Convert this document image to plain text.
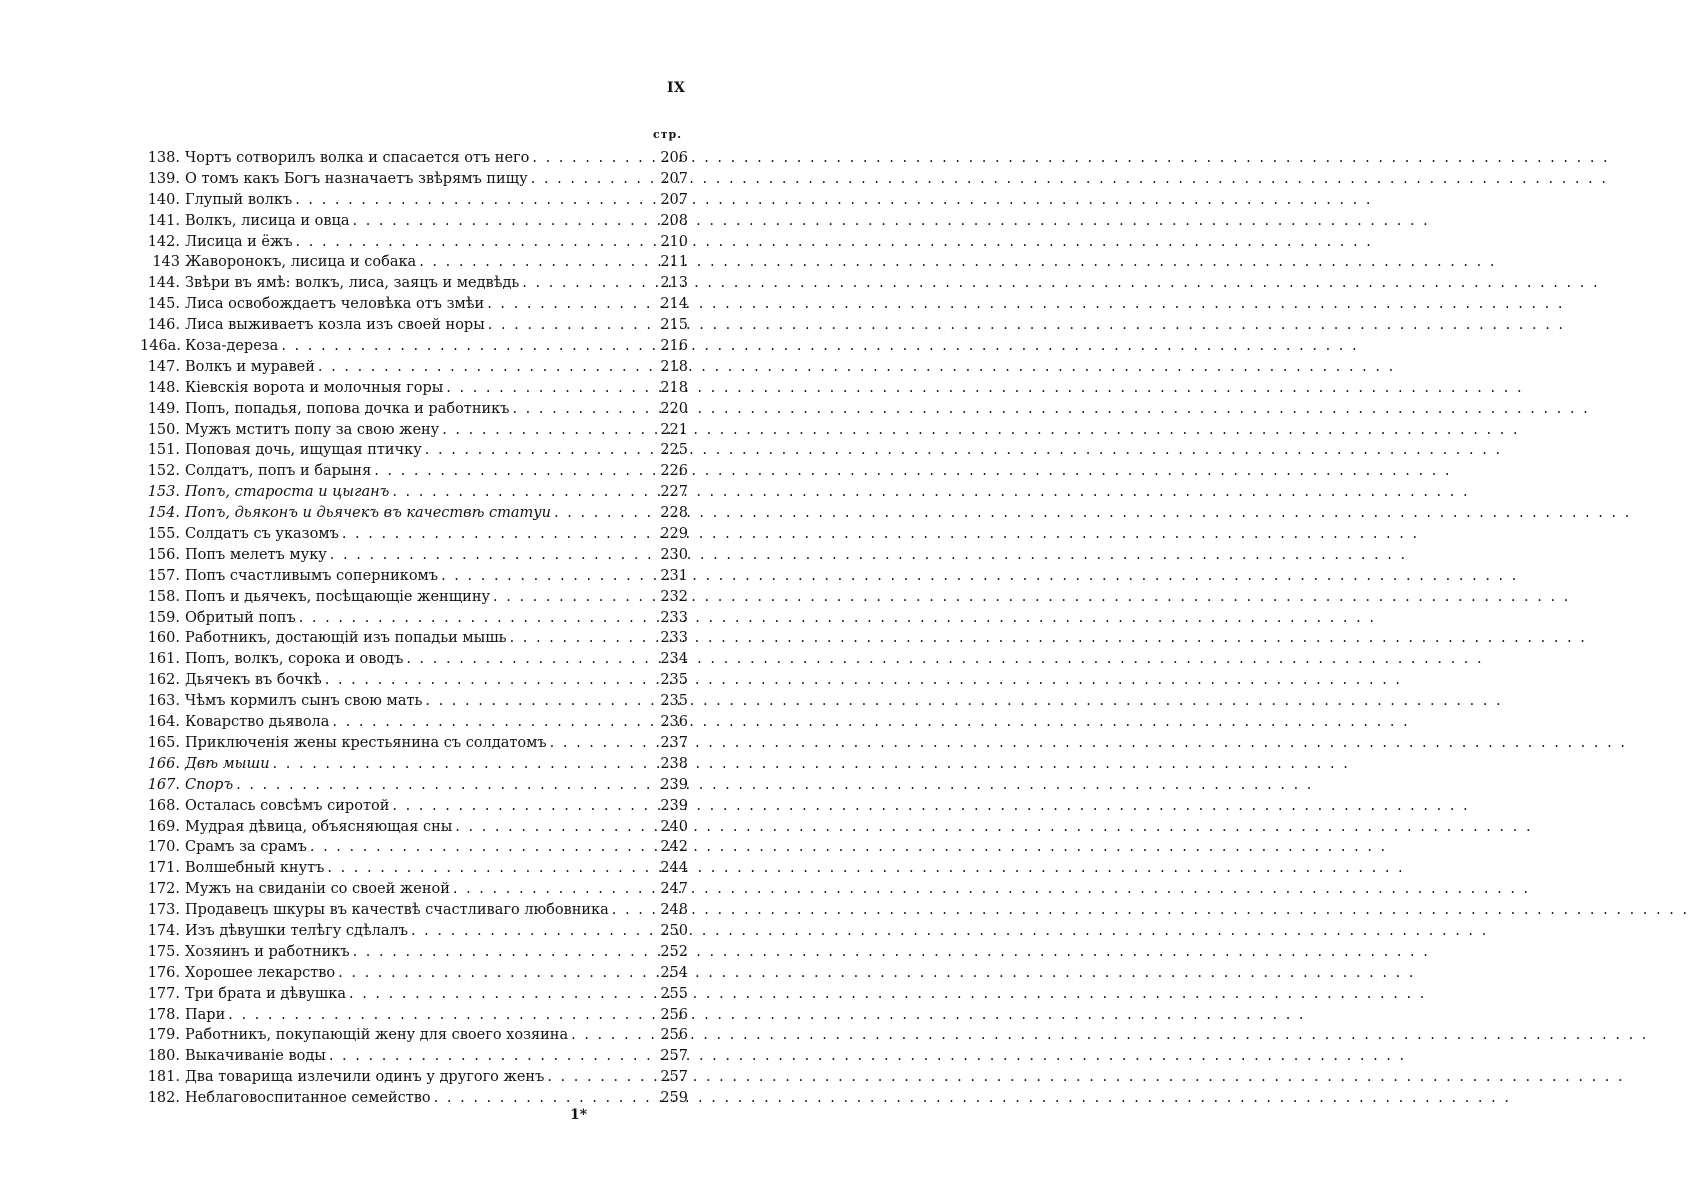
IX
стр.
138. Чортъ сотворилъ волка и спасается отъ него . . .	206
139. О томъ какъ Богъ назначаетъ звѣрямъ пищу . . .	207
140. Глупый волкъ . . .	207
141. Волкъ, лисица и овца . . .	208
142. Лисица и ёжъ . . .	210
143 Жаворонокъ, лисица и собака . . .	211
144. Звѣри въ ямѣ: волкъ, лиса, заяцъ и медвѣдь . . .	213
145. Лиса освобождаетъ человѣка отъ змѣи . . .	214
146. Лиса выживаетъ козла изъ своей норы . . .	215
146а. Коза-дереза . . .	216
147. Волкъ и муравей . . .	218
148. Кіевскія ворота и молочныя горы . . .	218
149. Попъ, попадья, попова дочка и работникъ . . .	220
150. Мужъ мститъ попу за свою жену . . .	221
151. Поповая дочь, ищущая птичку . . .	225
152. Солдатъ, попъ и барыня . . .	226
153. Попъ, староста и цыганъ . . .	227
154. Попъ, дьяконъ и дьячекъ въ качествѣ статуи . . .	228
155. Солдатъ съ указомъ . . .	229
156. Попъ мелетъ муку . . .	230
157. Попъ счастливымъ соперникомъ . . .	231
158. Попъ и дьячекъ, посѣщающіе женщину . . .	232
159. Обритый попъ . . .	233
160. Работникъ, достающій изъ попадьи мышь . . .	233
161. Попъ, волкъ, сорока и оводъ . . .	234
162. Дьячекъ въ бочкѣ . . .	235
163. Чѣмъ кормилъ сынъ свою мать . . .	235
164. Коварство дьявола . . .	236
165. Приключенія жены крестьянина съ солдатомъ . . .	237
166. Двѣ мыши . . .	238
167. Споръ . . .	239
168. Осталась совсѣмъ сиротой . . .	239
169. Мудрая дѣвица, объясняющая сны . . .	240
170. Срамъ за срамъ . . .	242
171. Волшебный кнутъ . . .	244
172. Мужъ на свиданіи со своей женой . . .	247
173. Продавецъ шкуры въ качествѣ счастливаго любовника . . .	248
174. Изъ дѣвушки телѣгу сдѣлалъ . . .	250
175. Хозяинъ и работникъ . . .	252
176. Хорошее лекарство . . .	254
177. Три брата и дѣвушка . . .	255
178. Пари . . .	256
179. Работникъ, покупающій жену для своего хозяина . . .	256
180. Выкачиваніе воды . . .	257
181. Два товарища излечили одинъ у другого женъ . . .	257
182. Неблаговоспитанное семейство . . .	259
1*
